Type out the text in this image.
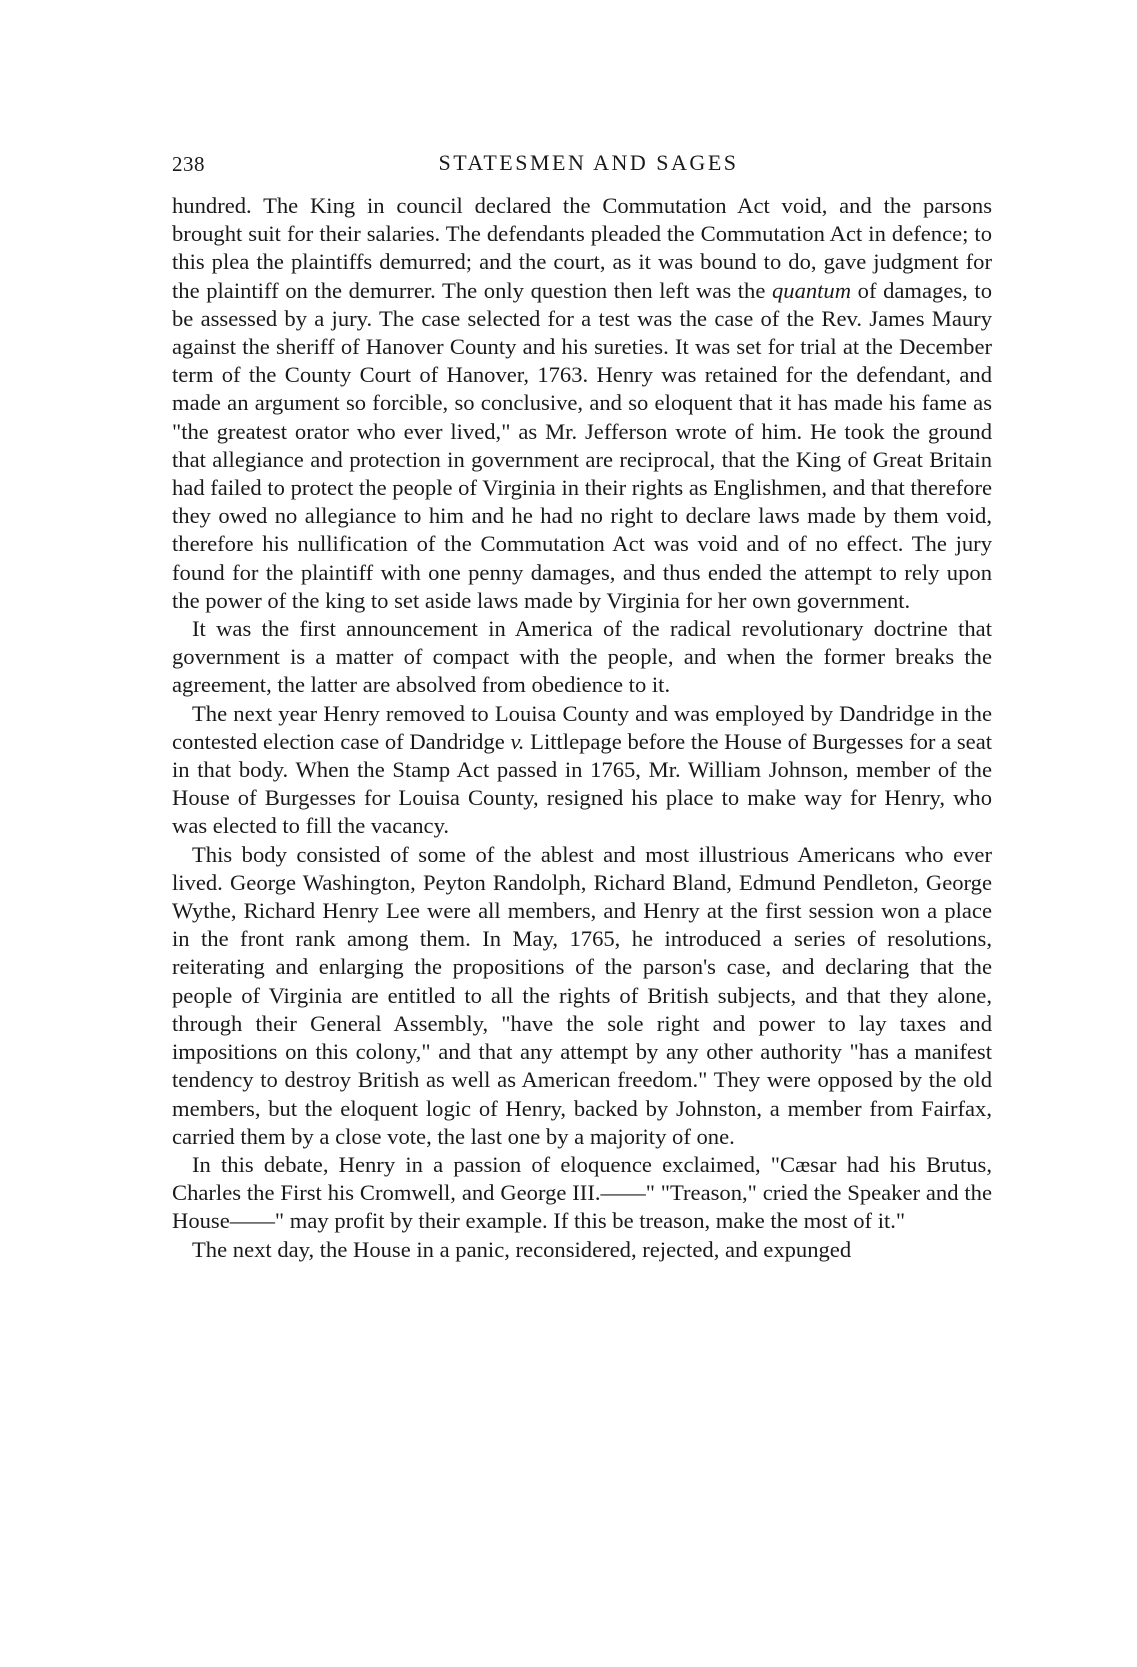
238	STATESMEN AND SAGES

hundred. The King in council declared the Commutation Act void, and the parsons brought suit for their salaries. The defendants pleaded the Commutation Act in defence; to this plea the plaintiffs demurred; and the court, as it was bound to do, gave judgment for the plaintiff on the demurrer. The only question then left was the quantum of damages, to be assessed by a jury. The case selected for a test was the case of the Rev. James Maury against the sheriff of Hanover County and his sureties. It was set for trial at the December term of the County Court of Hanover, 1763. Henry was retained for the defendant, and made an argument so forcible, so conclusive, and so eloquent that it has made his fame as "the greatest orator who ever lived," as Mr. Jefferson wrote of him. He took the ground that allegiance and protection in government are reciprocal, that the King of Great Britain had failed to protect the people of Virginia in their rights as Englishmen, and that therefore they owed no allegiance to him and he had no right to declare laws made by them void, therefore his nullification of the Commutation Act was void and of no effect. The jury found for the plaintiff with one penny damages, and thus ended the attempt to rely upon the power of the king to set aside laws made by Virginia for her own government.

It was the first announcement in America of the radical revolutionary doctrine that government is a matter of compact with the people, and when the former breaks the agreement, the latter are absolved from obedience to it.

The next year Henry removed to Louisa County and was employed by Dandridge in the contested election case of Dandridge v. Littlepage before the House of Burgesses for a seat in that body. When the Stamp Act passed in 1765, Mr. William Johnson, member of the House of Burgesses for Louisa County, resigned his place to make way for Henry, who was elected to fill the vacancy.

This body consisted of some of the ablest and most illustrious Americans who ever lived. George Washington, Peyton Randolph, Richard Bland, Edmund Pendleton, George Wythe, Richard Henry Lee were all members, and Henry at the first session won a place in the front rank among them. In May, 1765, he introduced a series of resolutions, reiterating and enlarging the propositions of the parson's case, and declaring that the people of Virginia are entitled to all the rights of British subjects, and that they alone, through their General Assembly, "have the sole right and power to lay taxes and impositions on this colony," and that any attempt by any other authority "has a manifest tendency to destroy British as well as American freedom." They were opposed by the old members, but the eloquent logic of Henry, backed by Johnston, a member from Fairfax, carried them by a close vote, the last one by a majority of one.

In this debate, Henry in a passion of eloquence exclaimed, "Cæsar had his Brutus, Charles the First his Cromwell, and George III.——" "Treason," cried the Speaker and the House——" may profit by their example. If this be treason, make the most of it."

The next day, the House in a panic, reconsidered, rejected, and expunged
